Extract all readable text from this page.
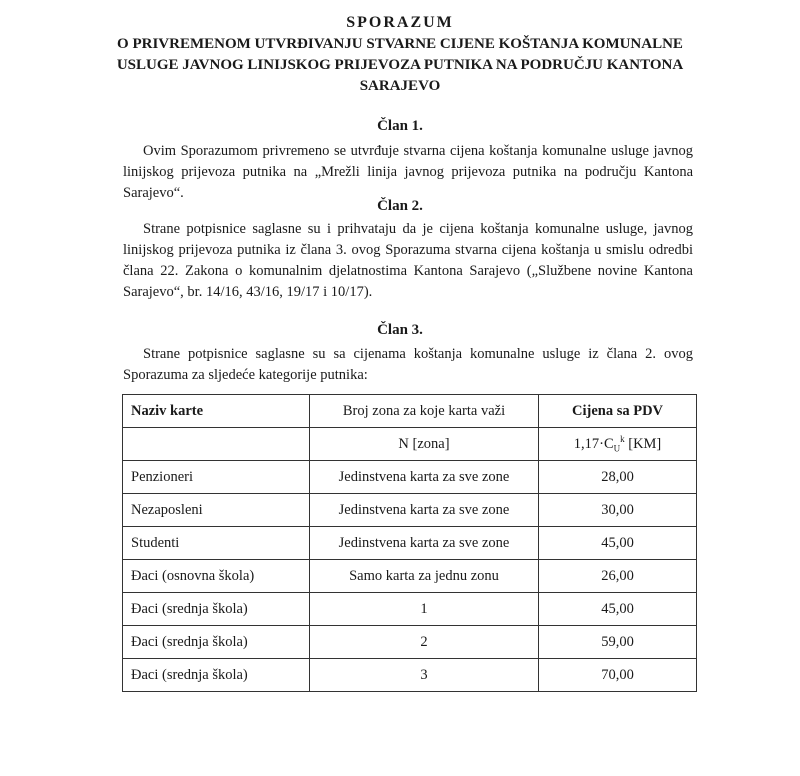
SPORAZUM
O PRIVREMENOM UTVRĐIVANJU STVARNE CIJENE KOŠTANJA KOMUNALNE USLUGE JAVNOG LINIJSKOG PRIJEVOZA PUTNIKA NA PODRUČJU KANTONA SARAJEVO
Član 1.
Ovim Sporazumom privremeno se utvrđuje stvarna cijena koštanja komunalne usluge javnog linijskog prijevoza putnika na „Mrežli linija javnog prijevoza putnika na području Kantona Sarajevo“.
Član 2.
Strane potpisnice saglasne su i prihvataju da je cijena koštanja komunalne usluge, javnog linijskog prijevoza putnika iz člana 3. ovog Sporazuma stvarna cijena koštanja u smislu odredbi člana 22. Zakona o komunalnim djelatnostima Kantona Sarajevo („Službene novine Kantona Sarajevo“, br. 14/16, 43/16, 19/17 i 10/17).
Član 3.
Strane potpisnice saglasne su sa cijenama koštanja komunalne usluge iz člana 2. ovog Sporazuma za sljedeće kategorije putnika:
Naziv karte	Broj zona za koje karta važi	Cijena sa PDV
	N [zona]	$1,17\cdot C_U^k$ [KM]
Penzioneri	Jedinstvena karta za sve zone	28,00
Nezaposleni	Jedinstvena karta za sve zone	30,00
Studenti	Jedinstvena karta za sve zone	45,00
Đaci (osnovna škola)	Samo karta za jednu zonu	26,00
Đaci (srednja škola)	1	45,00
Đaci (srednja škola)	2	59,00
Đaci (srednja škola)	3	70,00
